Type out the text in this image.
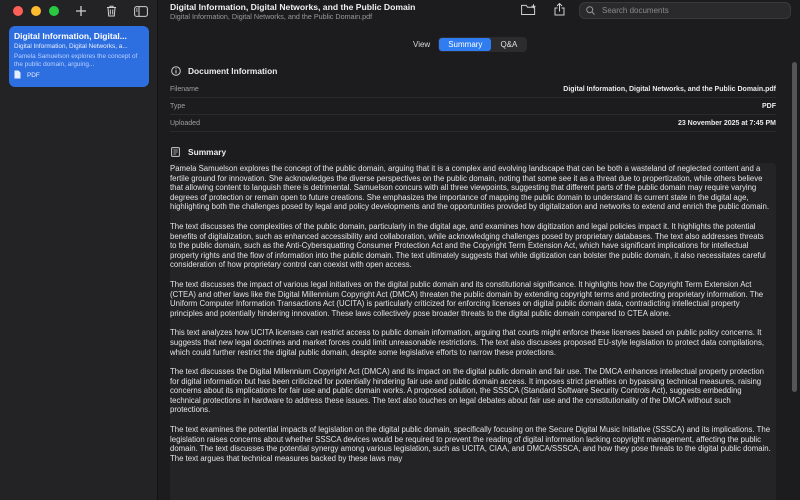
Digital Information, Digital...
Digital Information, Digital Networks, a...
Pamela Samuelson explores the concept of the public domain, arguing...
PDF
Digital Information, Digital Networks, and the Public Domain
Digital Information, Digital Networks, and the Public Domain.pdf
Search documents
View	Summary	Q&A
Document Information
Filename	Digital Information, Digital Networks, and the Public Domain.pdf
Type	PDF
Uploaded	23 November 2025 at 7:45 PM
Summary

Pamela Samuelson explores the concept of the public domain, arguing that it is a complex and evolving landscape that can be both a wasteland of neglected content and a fertile ground for innovation. She acknowledges the diverse perspectives on the public domain, noting that some see it as a threat due to propertization, while others believe that allowing content to languish there is detrimental. Samuelson concurs with all three viewpoints, suggesting that different parts of the public domain may require varying degrees of protection or remain open to future creations. She emphasizes the importance of mapping the public domain to understand its current state in the digital age, highlighting both the challenges posed by legal and policy developments and the opportunities provided by digitalization and networks to extend and enrich the public domain.

The text discusses the complexities of the public domain, particularly in the digital age, and examines how digitization and legal policies impact it. It highlights the potential benefits of digitalization, such as enhanced accessibility and collaboration, while acknowledging challenges posed by proprietary databases. The text also addresses threats to the public domain, such as the Anti-Cybersquatting Consumer Protection Act and the Copyright Term Extension Act, which have significant implications for intellectual property rights and the flow of information into the public domain. The text ultimately suggests that while digitization can bolster the public domain, it also necessitates careful consideration of how proprietary control can coexist with open access.

The text discusses the impact of various legal initiatives on the digital public domain and its constitutional significance. It highlights how the Copyright Term Extension Act (CTEA) and other laws like the Digital Millennium Copyright Act (DMCA) threaten the public domain by extending copyright terms and protecting proprietary information. The Uniform Computer Information Transactions Act (UCITA) is particularly criticized for enforcing licenses on digital public domain data, contradicting intellectual property principles and potentially hindering innovation. These laws collectively pose broader threats to the digital public domain compared to CTEA alone.

This text analyzes how UCITA licenses can restrict access to public domain information, arguing that courts might enforce these licenses based on public policy concerns. It suggests that new legal doctrines and market forces could limit unreasonable restrictions. The text also discusses proposed EU-style legislation to protect data compilations, which could further restrict the digital public domain, despite some legislative efforts to narrow these protections.

The text discusses the Digital Millennium Copyright Act (DMCA) and its impact on the digital public domain and fair use. The DMCA enhances intellectual property protection for digital information but has been criticized for potentially hindering fair use and public domain access. It imposes strict penalties on bypassing technical measures, raising concerns about its implications for fair use and public domain works. A proposed solution, the SSSCA (Standard Software Security Controls Act), suggests embedding technical protections in hardware to address these issues. The text also touches on legal debates about fair use and the constitutionality of the DMCA without such protections.

The text examines the potential impacts of legislation on the digital public domain, specifically focusing on the Secure Digital Music Initiative (SSSCA) and its implications. The legislation raises concerns about whether SSSCA devices would be required to prevent the reading of digital information lacking copyright management, affecting the public domain. The text discusses the potential synergy among various legislation, such as UCITA, CIAA, and DMCA/SSSCA, and how they pose threats to the digital public domain. The text argues that technical measures backed by these laws may
